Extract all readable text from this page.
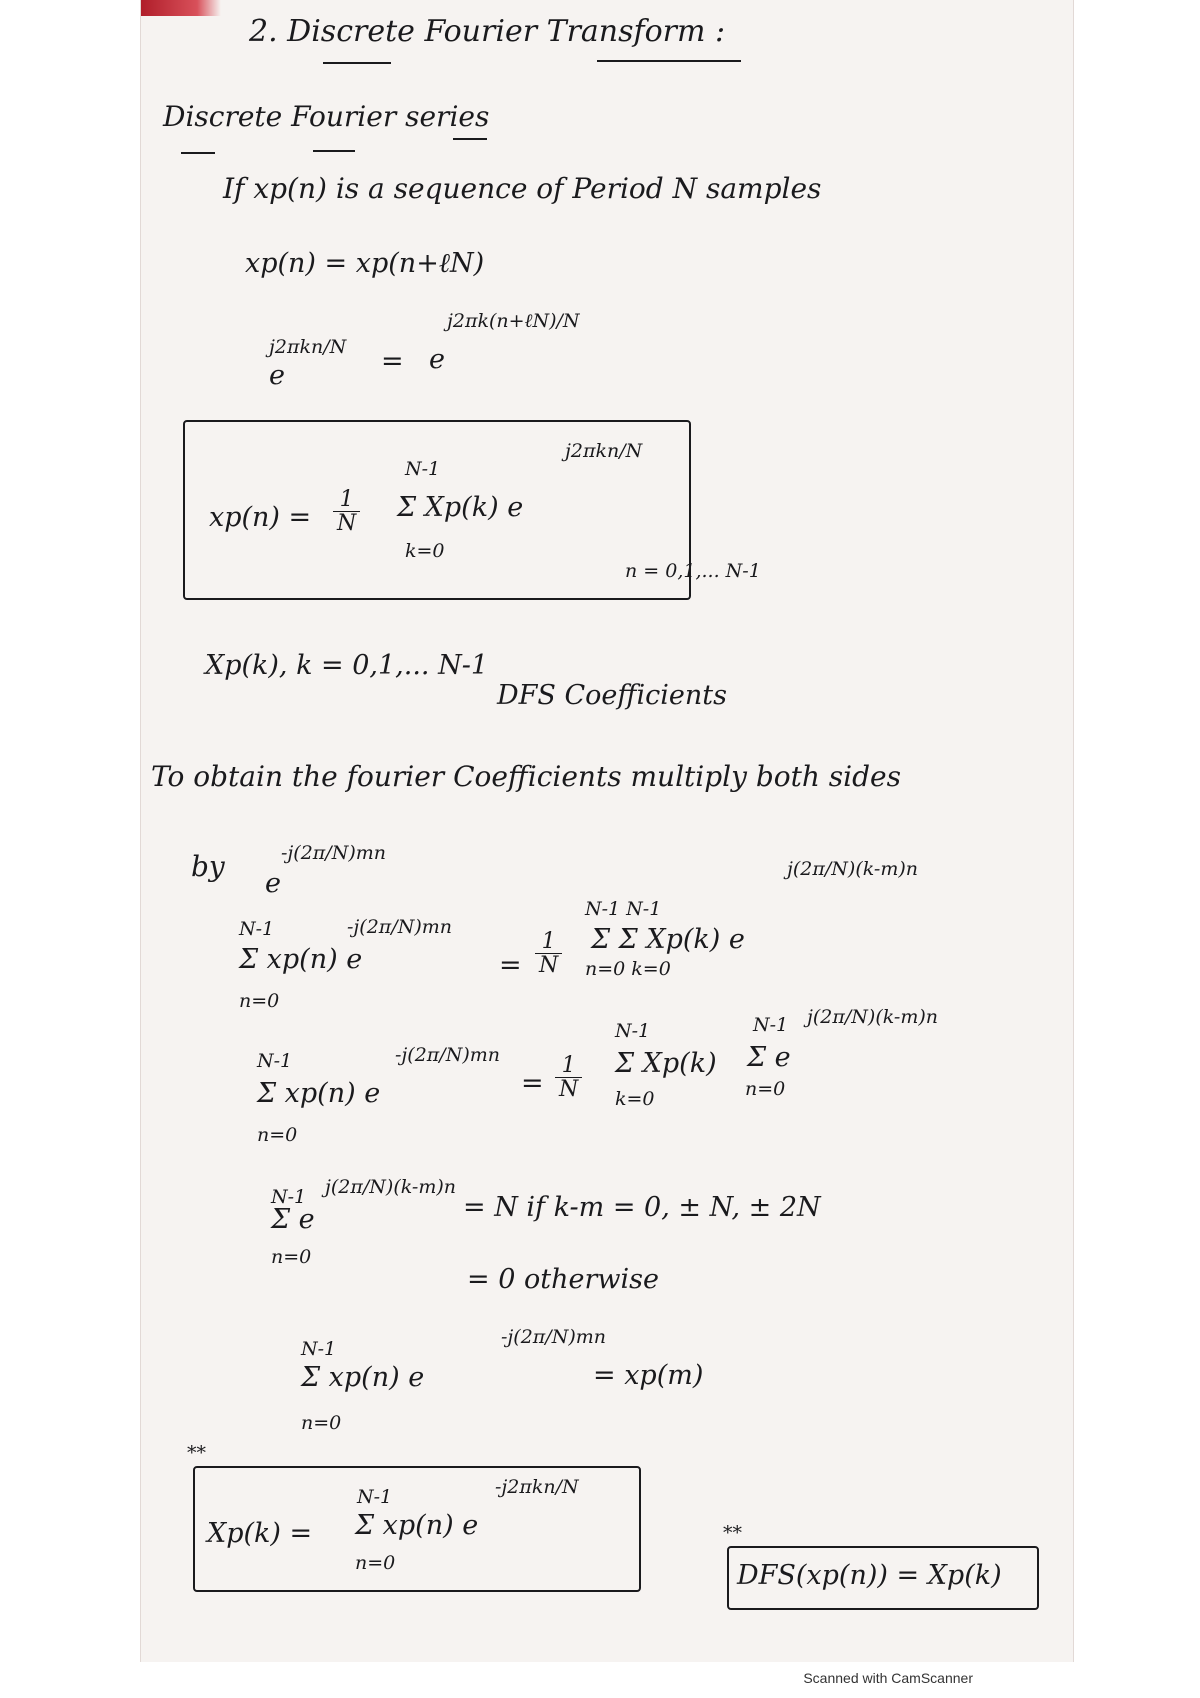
2. Discrete Fourier Transform :
Discrete Fourier series
If xp(n) is a sequence of Period N samples
xp(n) = xp(n+ℓN)
j2πkn/N
e	= e
j2πk(n+ℓN)/N
$xp(n) = \frac{1}{N}$
N-1
Σ Xp(k) e
k=0
j2πkn/N
n = 0,1,... N-1
Xp(k), k = 0,1,... N-1
DFS Coefficients
To obtain the fourier Coefficients multiply both sides
by
e
-j(2π/N)mn
N-1
Σ xp(n) e
-j(2π/N)mn
n=0
= $\frac{1}{N}$
N-1 N-1
Σ Σ Xp(k) e
n=0 k=0
j(2π/N)(k-m)n
N-1
Σ xp(n) e
-j(2π/N)mn
n=0
= $\frac{1}{N}$
N-1
Σ Xp(k)
k=0
N-1
Σ e
n=0
j(2π/N)(k-m)n
N-1
Σ e
j(2π/N)(k-m)n
n=0
= N if k-m = 0, ± N, ± 2N
= 0 otherwise
N-1
Σ xp(n) e
-j(2π/N)mn
n=0
= xp(m)
**
Xp(k) =
N-1
Σ xp(n) e
-j2πkn/N
n=0
**
DFS(xp(n)) = Xp(k)
Scanned with CamScanner
